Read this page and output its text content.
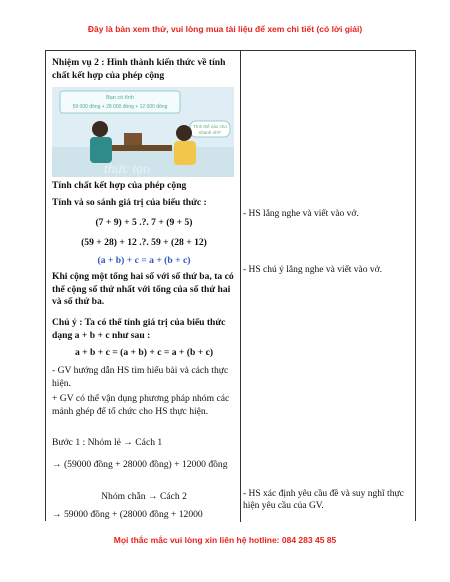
Đây là bản xem thử, vui lòng mua tài liệu để xem chi tiết (có lời giải)
Nhiệm vụ 2 : Hình thành kiến thức về tính chất kết hợp của phép cộng
Bạn có tính
59 000 đồng + 28 000 đồng + 12 000 đồng
Tính thế nào cho
nhanh nhỉ?
thức tạo
Tính chất kết hợp của phép cộng
Tính và so sánh giá trị của biểu thức :
(7 + 9) + 5 .?. 7 + (9 + 5)
(59 + 28) + 12 .?. 59 + (28 + 12)
(a + b) + c = a + (b + c)
Khi cộng một tổng hai số với số thứ ba, ta có thể cộng số thứ nhất với tổng của số thứ hai và số thứ ba.
Chú ý : Ta có thể tính giá trị của biểu thức dạng a + b + c như sau :
a + b + c = (a + b) + c = a + (b + c)
- GV hướng dẫn HS tìm hiểu bài và cách thực hiện.
+ GV có thể vận dụng phương pháp nhóm các mảnh ghép để tổ chức cho HS thực hiện.
Bước 1 : Nhóm lẻ → Cách 1
→ (59000 đồng + 28000 đồng) + 12000 đồng
Nhóm chẵn → Cách 2
→ 59000 đồng + (28000 đồng + 12000
- HS lắng nghe và viết vào vở.
- HS chú ý lắng nghe và viết vào vở.
- HS xác định yêu cầu đề và suy nghĩ thực hiện yêu cầu của GV.
Mọi thắc mắc vui lòng xin liên hệ hotline: 084 283 45 85
